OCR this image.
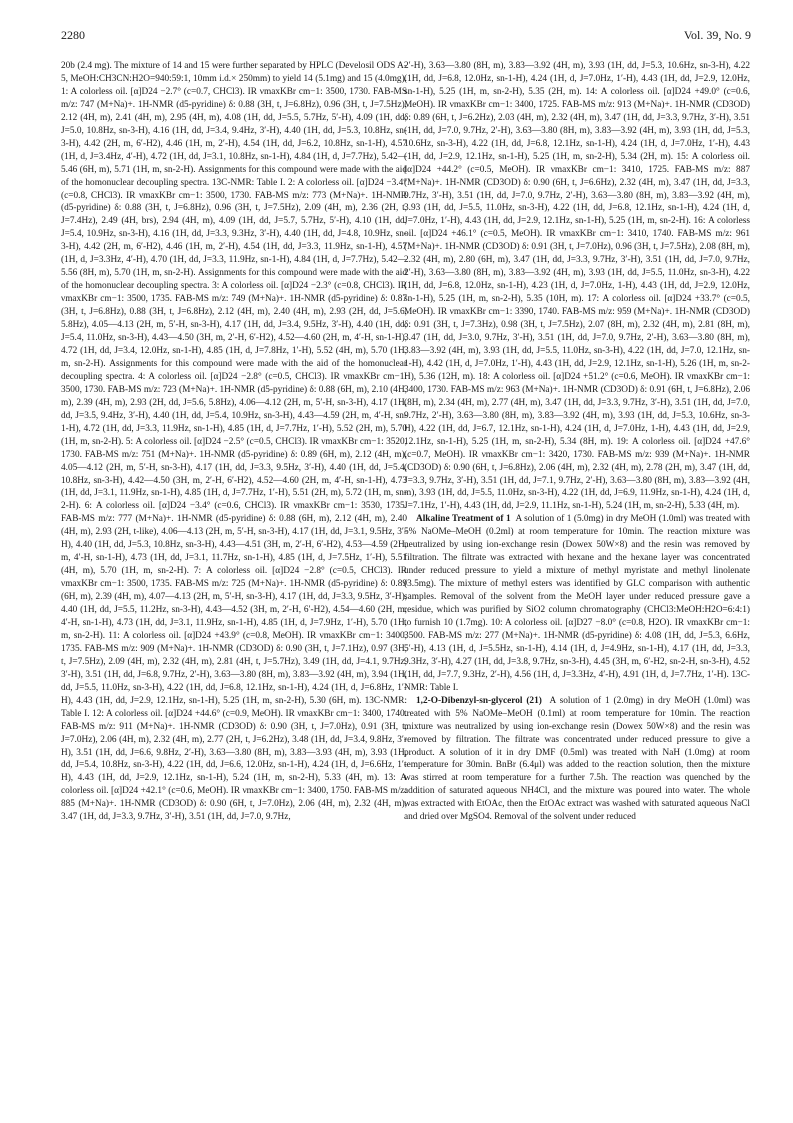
2280	Vol. 39, No. 9

20b (2.4 mg). The mixture of 14 and 15 were further separated by HPLC (Develosil ODS A-5, MeOH:CH3CN:H2O=940:59:1, 10mm i.d.× 250mm) to yield 14 (5.1mg) and 15 (4.0mg). 1: A colorless oil. [α]D24 −2.7° (c=0.7, CHCl3). IR νmaxKBr cm−1: 3500, 1730. FAB-MS m/z: 747 (M+Na)+. 1H-NMR (d5-pyridine) δ: 0.88 (3H, t, J=6.8Hz), 0.96 (3H, t, J=7.5Hz), 2.12 (4H, m), 2.41 (4H, m), 2.95 (4H, m), 4.08 (1H, dd, J=5.5, 5.7Hz, 5′-H), 4.09 (1H, dd, J=5.0, 10.8Hz, sn-3-H), 4.16 (1H, dd, J=3.4, 9.4Hz, 3′-H), 4.40 (1H, dd, J=5.3, 10.8Hz, sn-3-H), 4.42 (2H, m, 6′-H2), 4.46 (1H, m, 2′-H), 4.54 (1H, dd, J=6.2, 10.8Hz, sn-1-H), 4.57 (1H, d, J=3.4Hz, 4′-H), 4.72 (1H, dd, J=3.1, 10.8Hz, sn-1-H), 4.84 (1H, d, J=7.7Hz), 5.42—5.46 (6H, m), 5.71 (1H, m, sn-2-H). Assignments for this compound were made with the aid of the homonuclear decoupling spectra. 13C-NMR: Table I. 2: A colorless oil. [α]D24 −3.4° (c=0.8, CHCl3). IR νmaxKBr cm−1: 3500, 1730. FAB-MS m/z: 773 (M+Na)+. 1H-NMR (d5-pyridine) δ: 0.88 (3H, t, J=6.8Hz), 0.96 (3H, t, J=7.5Hz), 2.09 (4H, m), 2.36 (2H, t, J=7.4Hz), 2.49 (4H, brs), 2.94 (4H, m), 4.09 (1H, dd, J=5.7, 5.7Hz, 5′-H), 4.10 (1H, dd, J=5.4, 10.9Hz, sn-3-H), 4.16 (1H, dd, J=3.3, 9.3Hz, 3′-H), 4.40 (1H, dd, J=4.8, 10.9Hz, sn-3-H), 4.42 (2H, m, 6′-H2), 4.46 (1H, m, 2′-H), 4.54 (1H, dd, J=3.3, 11.9Hz, sn-1-H), 4.57 (1H, d, J=3.3Hz, 4′-H), 4.70 (1H, dd, J=3.3, 11.9Hz, sn-1-H), 4.84 (1H, d, J=7.7Hz), 5.42—5.56 (8H, m), 5.70 (1H, m, sn-2-H). Assignments for this compound were made with the aid of the homonuclear decoupling spectra. 3: A colorless oil. [α]D24 −2.3° (c=0.8, CHCl3). IR νmaxKBr cm−1: 3500, 1735. FAB-MS m/z: 749 (M+Na)+. 1H-NMR (d5-pyridine) δ: 0.87 (3H, t, J=6.8Hz), 0.88 (3H, t, J=6.8Hz), 2.12 (4H, m), 2.40 (4H, m), 2.93 (2H, dd, J=5.6, 5.8Hz), 4.05—4.13 (2H, m, 5′-H, sn-3-H), 4.17 (1H, dd, J=3.4, 9.5Hz, 3′-H), 4.40 (1H, dd, J=5.4, 11.0Hz, sn-3-H), 4.43—4.50 (3H, m, 2′-H, 6′-H2), 4.52—4.60 (2H, m, 4′-H, sn-1-H), 4.72 (1H, dd, J=3.4, 12.0Hz, sn-1-H), 4.85 (1H, d, J=7.8Hz, 1′-H), 5.52 (4H, m), 5.70 (1H, m, sn-2-H). Assignments for this compound were made with the aid of the homonuclear decoupling spectra. 4: A colorless oil. [α]D24 −2.8° (c=0.5, CHCl3). IR νmaxKBr cm−1: 3500, 1730. FAB-MS m/z: 723 (M+Na)+. 1H-NMR (d5-pyridine) δ: 0.88 (6H, m), 2.10 (4H, m), 2.39 (4H, m), 2.93 (2H, dd, J=5.6, 5.8Hz), 4.06—4.12 (2H, m, 5′-H, sn-3-H), 4.17 (1H, dd, J=3.5, 9.4Hz, 3′-H), 4.40 (1H, dd, J=5.4, 10.9Hz, sn-3-H), 4.43—4.59 (2H, m, 4′-H, sn-1-H), 4.72 (1H, dd, J=3.3, 11.9Hz, sn-1-H), 4.85 (1H, d, J=7.7Hz, 1′-H), 5.52 (2H, m), 5.70 (1H, m, sn-2-H). 5: A colorless oil. [α]D24 −2.5° (c=0.5, CHCl3). IR νmaxKBr cm−1: 3520, 1730. FAB-MS m/z: 751 (M+Na)+. 1H-NMR (d5-pyridine) δ: 0.89 (6H, m), 2.12 (4H, m), 4.05—4.12 (2H, m, 5′-H, sn-3-H), 4.17 (1H, dd, J=3.3, 9.5Hz, 3′-H), 4.40 (1H, dd, J=5.4, 10.8Hz, sn-3-H), 4.42—4.50 (3H, m, 2′-H, 6′-H2), 4.52—4.60 (2H, m, 4′-H, sn-1-H), 4.73 (1H, dd, J=3.1, 11.9Hz, sn-1-H), 4.85 (1H, d, J=7.7Hz, 1′-H), 5.51 (2H, m), 5.72 (1H, m, sn-2-H). 6: A colorless oil. [α]D24 −3.4° (c=0.6, CHCl3). IR νmaxKBr cm−1: 3530, 1735. FAB-MS m/z: 777 (M+Na)+. 1H-NMR (d5-pyridine) δ: 0.88 (6H, m), 2.12 (4H, m), 2.40 (4H, m), 2.93 (2H, t-like), 4.06—4.13 (2H, m, 5′-H, sn-3-H), 4.17 (1H, dd, J=3.1, 9.5Hz, 3′-H), 4.40 (1H, dd, J=5.3, 10.8Hz, sn-3-H), 4.43—4.51 (3H, m, 2′-H, 6′-H2), 4.53—4.59 (2H, m, 4′-H, sn-1-H), 4.73 (1H, dd, J=3.1, 11.7Hz, sn-1-H), 4.85 (1H, d, J=7.5Hz, 1′-H), 5.51 (4H, m), 5.70 (1H, m, sn-2-H). 7: A colorless oil. [α]D24 −2.8° (c=0.5, CHCl3). IR νmaxKBr cm−1: 3500, 1735. FAB-MS m/z: 725 (M+Na)+. 1H-NMR (d5-pyridine) δ: 0.89 (6H, m), 2.39 (4H, m), 4.07—4.13 (2H, m, 5′-H, sn-3-H), 4.17 (1H, dd, J=3.3, 9.5Hz, 3′-H), 4.40 (1H, dd, J=5.5, 11.2Hz, sn-3-H), 4.43—4.52 (3H, m, 2′-H, 6′-H2), 4.54—4.60 (2H, m, 4′-H, sn-1-H), 4.73 (1H, dd, J=3.1, 11.9Hz, sn-1-H), 4.85 (1H, d, J=7.9Hz, 1′-H), 5.70 (1H, m, sn-2-H). 11: A colorless oil. [α]D24 +43.9° (c=0.8, MeOH). IR νmaxKBr cm−1: 3400, 1735. FAB-MS m/z: 909 (M+Na)+. 1H-NMR (CD3OD) δ: 0.90 (3H, t, J=7.1Hz), 0.97 (3H, t, J=7.5Hz), 2.09 (4H, m), 2.32 (4H, m), 2.81 (4H, t, J=5.7Hz), 3.49 (1H, dd, J=4.1, 9.7Hz, 3′-H), 3.51 (1H, dd, J=6.8, 9.7Hz, 2′-H), 3.63—3.80 (8H, m), 3.83—3.92 (4H, m), 3.94 (1H, dd, J=5.5, 11.0Hz, sn-3-H), 4.22 (1H, dd, J=6.8, 12.1Hz, sn-1-H), 4.24 (1H, d, J=6.8Hz, 1′-H), 4.43 (1H, dd, J=2.9, 12.1Hz, sn-1-H), 5.25 (1H, m, sn-2-H), 5.30 (6H, m). 13C-NMR: Table I. 12: A colorless oil. [α]D24 +44.6° (c=0.9, MeOH). IR νmaxKBr cm−1: 3400, 1740. FAB-MS m/z: 911 (M+Na)+. 1H-NMR (CD3OD) δ: 0.90 (3H, t, J=7.0Hz), 0.91 (3H, t, J=7.0Hz), 2.06 (4H, m), 2.32 (4H, m), 2.77 (2H, t, J=6.2Hz), 3.48 (1H, dd, J=3.4, 9.8Hz, 3′-H), 3.51 (1H, dd, J=6.6, 9.8Hz, 2′-H), 3.63—3.80 (8H, m), 3.83—3.93 (4H, m), 3.93 (1H, dd, J=5.4, 10.8Hz, sn-3-H), 4.22 (1H, dd, J=6.6, 12.0Hz, sn-1-H), 4.24 (1H, d, J=6.6Hz, 1′-H), 4.43 (1H, dd, J=2.9, 12.1Hz, sn-1-H), 5.24 (1H, m, sn-2-H), 5.33 (4H, m). 13: A colorless oil. [α]D24 +42.1° (c=0.6, MeOH). IR νmaxKBr cm−1: 3400, 1750. FAB-MS m/z: 885 (M+Na)+. 1H-NMR (CD3OD) δ: 0.90 (6H, t, J=7.0Hz), 2.06 (4H, m), 2.32 (4H, m), 3.47 (1H, dd, J=3.3, 9.7Hz, 3′-H), 3.51 (1H, dd, J=7.0, 9.7Hz,

2′-H), 3.63—3.80 (8H, m), 3.83—3.92 (4H, m), 3.93 (1H, dd, J=5.3, 10.6Hz, sn-3-H), 4.22 (1H, dd, J=6.8, 12.0Hz, sn-1-H), 4.24 (1H, d, J=7.0Hz, 1′-H), 4.43 (1H, dd, J=2.9, 12.0Hz, sn-1-H), 5.25 (1H, m, sn-2-H), 5.35 (2H, m). 14: A colorless oil. [α]D24 +49.0° (c=0.6, MeOH). IR νmaxKBr cm−1: 3400, 1725. FAB-MS m/z: 913 (M+Na)+. 1H-NMR (CD3OD) δ: 0.89 (6H, t, J=6.2Hz), 2.03 (4H, m), 2.32 (4H, m), 3.47 (1H, dd, J=3.3, 9.7Hz, 3′-H), 3.51 (1H, dd, J=7.0, 9.7Hz, 2′-H), 3.63—3.80 (8H, m), 3.83—3.92 (4H, m), 3.93 (1H, dd, J=5.3, 10.6Hz, sn-3-H), 4.22 (1H, dd, J=6.8, 12.1Hz, sn-1-H), 4.24 (1H, d, J=7.0Hz, 1′-H), 4.43 (1H, dd, J=2.9, 12.1Hz, sn-1-H), 5.25 (1H, m, sn-2-H), 5.34 (2H, m). 15: A colorless oil. [α]D24 +44.2° (c=0.5, MeOH). IR νmaxKBr cm−1: 3410, 1725. FAB-MS m/z: 887 (M+Na)+. 1H-NMR (CD3OD) δ: 0.90 (6H, t, J=6.6Hz), 2.32 (4H, m), 3.47 (1H, dd, J=3.3, 9.7Hz, 3′-H), 3.51 (1H, dd, J=7.0, 9.7Hz, 2′-H), 3.63—3.80 (8H, m), 3.83—3.92 (4H, m), 3.93 (1H, dd, J=5.5, 11.0Hz, sn-3-H), 4.22 (1H, dd, J=6.8, 12.1Hz, sn-1-H), 4.24 (1H, d, J=7.0Hz, 1′-H), 4.43 (1H, dd, J=2.9, 12.1Hz, sn-1-H), 5.25 (1H, m, sn-2-H). 16: A colorless oil. [α]D24 +46.1° (c=0.5, MeOH). IR νmaxKBr cm−1: 3410, 1740. FAB-MS m/z: 961 (M+Na)+. 1H-NMR (CD3OD) δ: 0.91 (3H, t, J=7.0Hz), 0.96 (3H, t, J=7.5Hz), 2.08 (8H, m), 2.32 (4H, m), 2.80 (6H, m), 3.47 (1H, dd, J=3.3, 9.7Hz, 3′-H), 3.51 (1H, dd, J=7.0, 9.7Hz, 2′-H), 3.63—3.80 (8H, m), 3.83—3.92 (4H, m), 3.93 (1H, dd, J=5.5, 11.0Hz, sn-3-H), 4.22 (1H, dd, J=6.8, 12.0Hz, sn-1-H), 4.23 (1H, d, J=7.0Hz, 1-H), 4.43 (1H, dd, J=2.9, 12.0Hz, sn-1-H), 5.25 (1H, m, sn-2-H), 5.35 (10H, m). 17: A colorless oil. [α]D24 +33.7° (c=0.5, MeOH). IR νmaxKBr cm−1: 3390, 1740. FAB-MS m/z: 959 (M+Na)+. 1H-NMR (CD3OD) δ: 0.91 (3H, t, J=7.3Hz), 0.98 (3H, t, J=7.5Hz), 2.07 (8H, m), 2.32 (4H, m), 2.81 (8H, m), 3.47 (1H, dd, J=3.0, 9.7Hz, 3′-H), 3.51 (1H, dd, J=7.0, 9.7Hz, 2′-H), 3.63—3.80 (8H, m), 3.83—3.92 (4H, m), 3.93 (1H, dd, J=5.5, 11.0Hz, sn-3-H), 4.22 (1H, dd, J=7.0, 12.1Hz, sn-1-H), 4.42 (1H, d, J=7.0Hz, 1′-H), 4.43 (1H, dd, J=2.9, 12.1Hz, sn-1-H), 5.26 (1H, m, sn-2-H), 5.36 (12H, m). 18: A colorless oil. [α]D24 +51.2° (c=0.6, MeOH). IR νmaxKBr cm−1: 3400, 1730. FAB-MS m/z: 963 (M+Na)+. 1H-NMR (CD3OD) δ: 0.91 (6H, t, J=6.8Hz), 2.06 (8H, m), 2.34 (4H, m), 2.77 (4H, m), 3.47 (1H, dd, J=3.3, 9.7Hz, 3′-H), 3.51 (1H, dd, J=7.0, 9.7Hz, 2′-H), 3.63—3.80 (8H, m), 3.83—3.92 (4H, m), 3.93 (1H, dd, J=5.3, 10.6Hz, sn-3-H), 4.22 (1H, dd, J=6.7, 12.1Hz, sn-1-H), 4.24 (1H, d, J=7.0Hz, 1-H), 4.43 (1H, dd, J=2.9, 12.1Hz, sn-1-H), 5.25 (1H, m, sn-2-H), 5.34 (8H, m). 19: A colorless oil. [α]D24 +47.6° (c=0.7, MeOH). IR νmaxKBr cm−1: 3420, 1730. FAB-MS m/z: 939 (M+Na)+. 1H-NMR (CD3OD) δ: 0.90 (6H, t, J=6.8Hz), 2.06 (4H, m), 2.32 (4H, m), 2.78 (2H, m), 3.47 (1H, dd, J=3.3, 9.7Hz, 3′-H), 3.51 (1H, dd, J=7.1, 9.7Hz, 2′-H), 3.63—3.80 (8H, m), 3.83—3.92 (4H, m), 3.93 (1H, dd, J=5.5, 11.0Hz, sn-3-H), 4.22 (1H, dd, J=6.9, 11.9Hz, sn-1-H), 4.24 (1H, d, J=7.1Hz, 1′-H), 4.43 (1H, dd, J=2.9, 11.1Hz, sn-1-H), 5.24 (1H, m, sn-2-H), 5.33 (4H, m).

Alkaline Treatment of 1 A solution of 1 (5.0mg) in dry MeOH (1.0ml) was treated with 5% NaOMe–MeOH (0.2ml) at room temperature for 10min. The reaction mixture was neutralized by using ion-exchange resin (Dowex 50W×8) and the resin was removed by filtration. The filtrate was extracted with hexane and the hexane layer was concentrated under reduced pressure to yield a mixture of methyl myristate and methyl linolenate (3.5mg). The mixture of methyl esters was identified by GLC comparison with authentic samples. Removal of the solvent from the MeOH layer under reduced pressure gave a residue, which was purified by SiO2 column chromatography (CHCl3:MeOH:H2O=6:4:1) to furnish 10 (1.7mg). 10: A colorless oil. [α]D27 −8.0° (c=0.8, H2O). IR νmaxKBr cm−1: 3500. FAB-MS m/z: 277 (M+Na)+. 1H-NMR (d5-pyridine) δ: 4.08 (1H, dd, J=5.3, 6.6Hz, 5′-H), 4.13 (1H, d, J=5.5Hz, sn-1-H), 4.14 (1H, d, J=4.9Hz, sn-1-H), 4.17 (1H, dd, J=3.3, 9.3Hz, 3′-H), 4.27 (1H, dd, J=3.8, 9.7Hz, sn-3-H), 4.45 (3H, m, 6′-H2, sn-2-H, sn-3-H), 4.52 (1H, dd, J=7.7, 9.3Hz, 2′-H), 4.56 (1H, d, J=3.3Hz, 4′-H), 4.91 (1H, d, J=7.7Hz, 1′-H). 13C-NMR: Table I.

1,2-O-Dibenzyl-sn-glycerol (21) A solution of 1 (2.0mg) in dry MeOH (1.0ml) was treated with 5% NaOMe–MeOH (0.1ml) at room temperature for 10min. The reaction mixture was neutralized by using ion-exchange resin (Dowex 50W×8) and the resin was removed by filtration. The filtrate was concentrated under reduced pressure to give a product. A solution of it in dry DMF (0.5ml) was treated with NaH (1.0mg) at room temperature for 30min. BnBr (6.4μl) was added to the reaction solution, then the mixture was stirred at room temperature for a further 7.5h. The reaction was quenched by the addition of saturated aqueous NH4Cl, and the mixture was poured into water. The whole was extracted with EtOAc, then the EtOAc extract was washed with saturated aqueous NaCl and dried over MgSO4. Removal of the solvent under reduced
